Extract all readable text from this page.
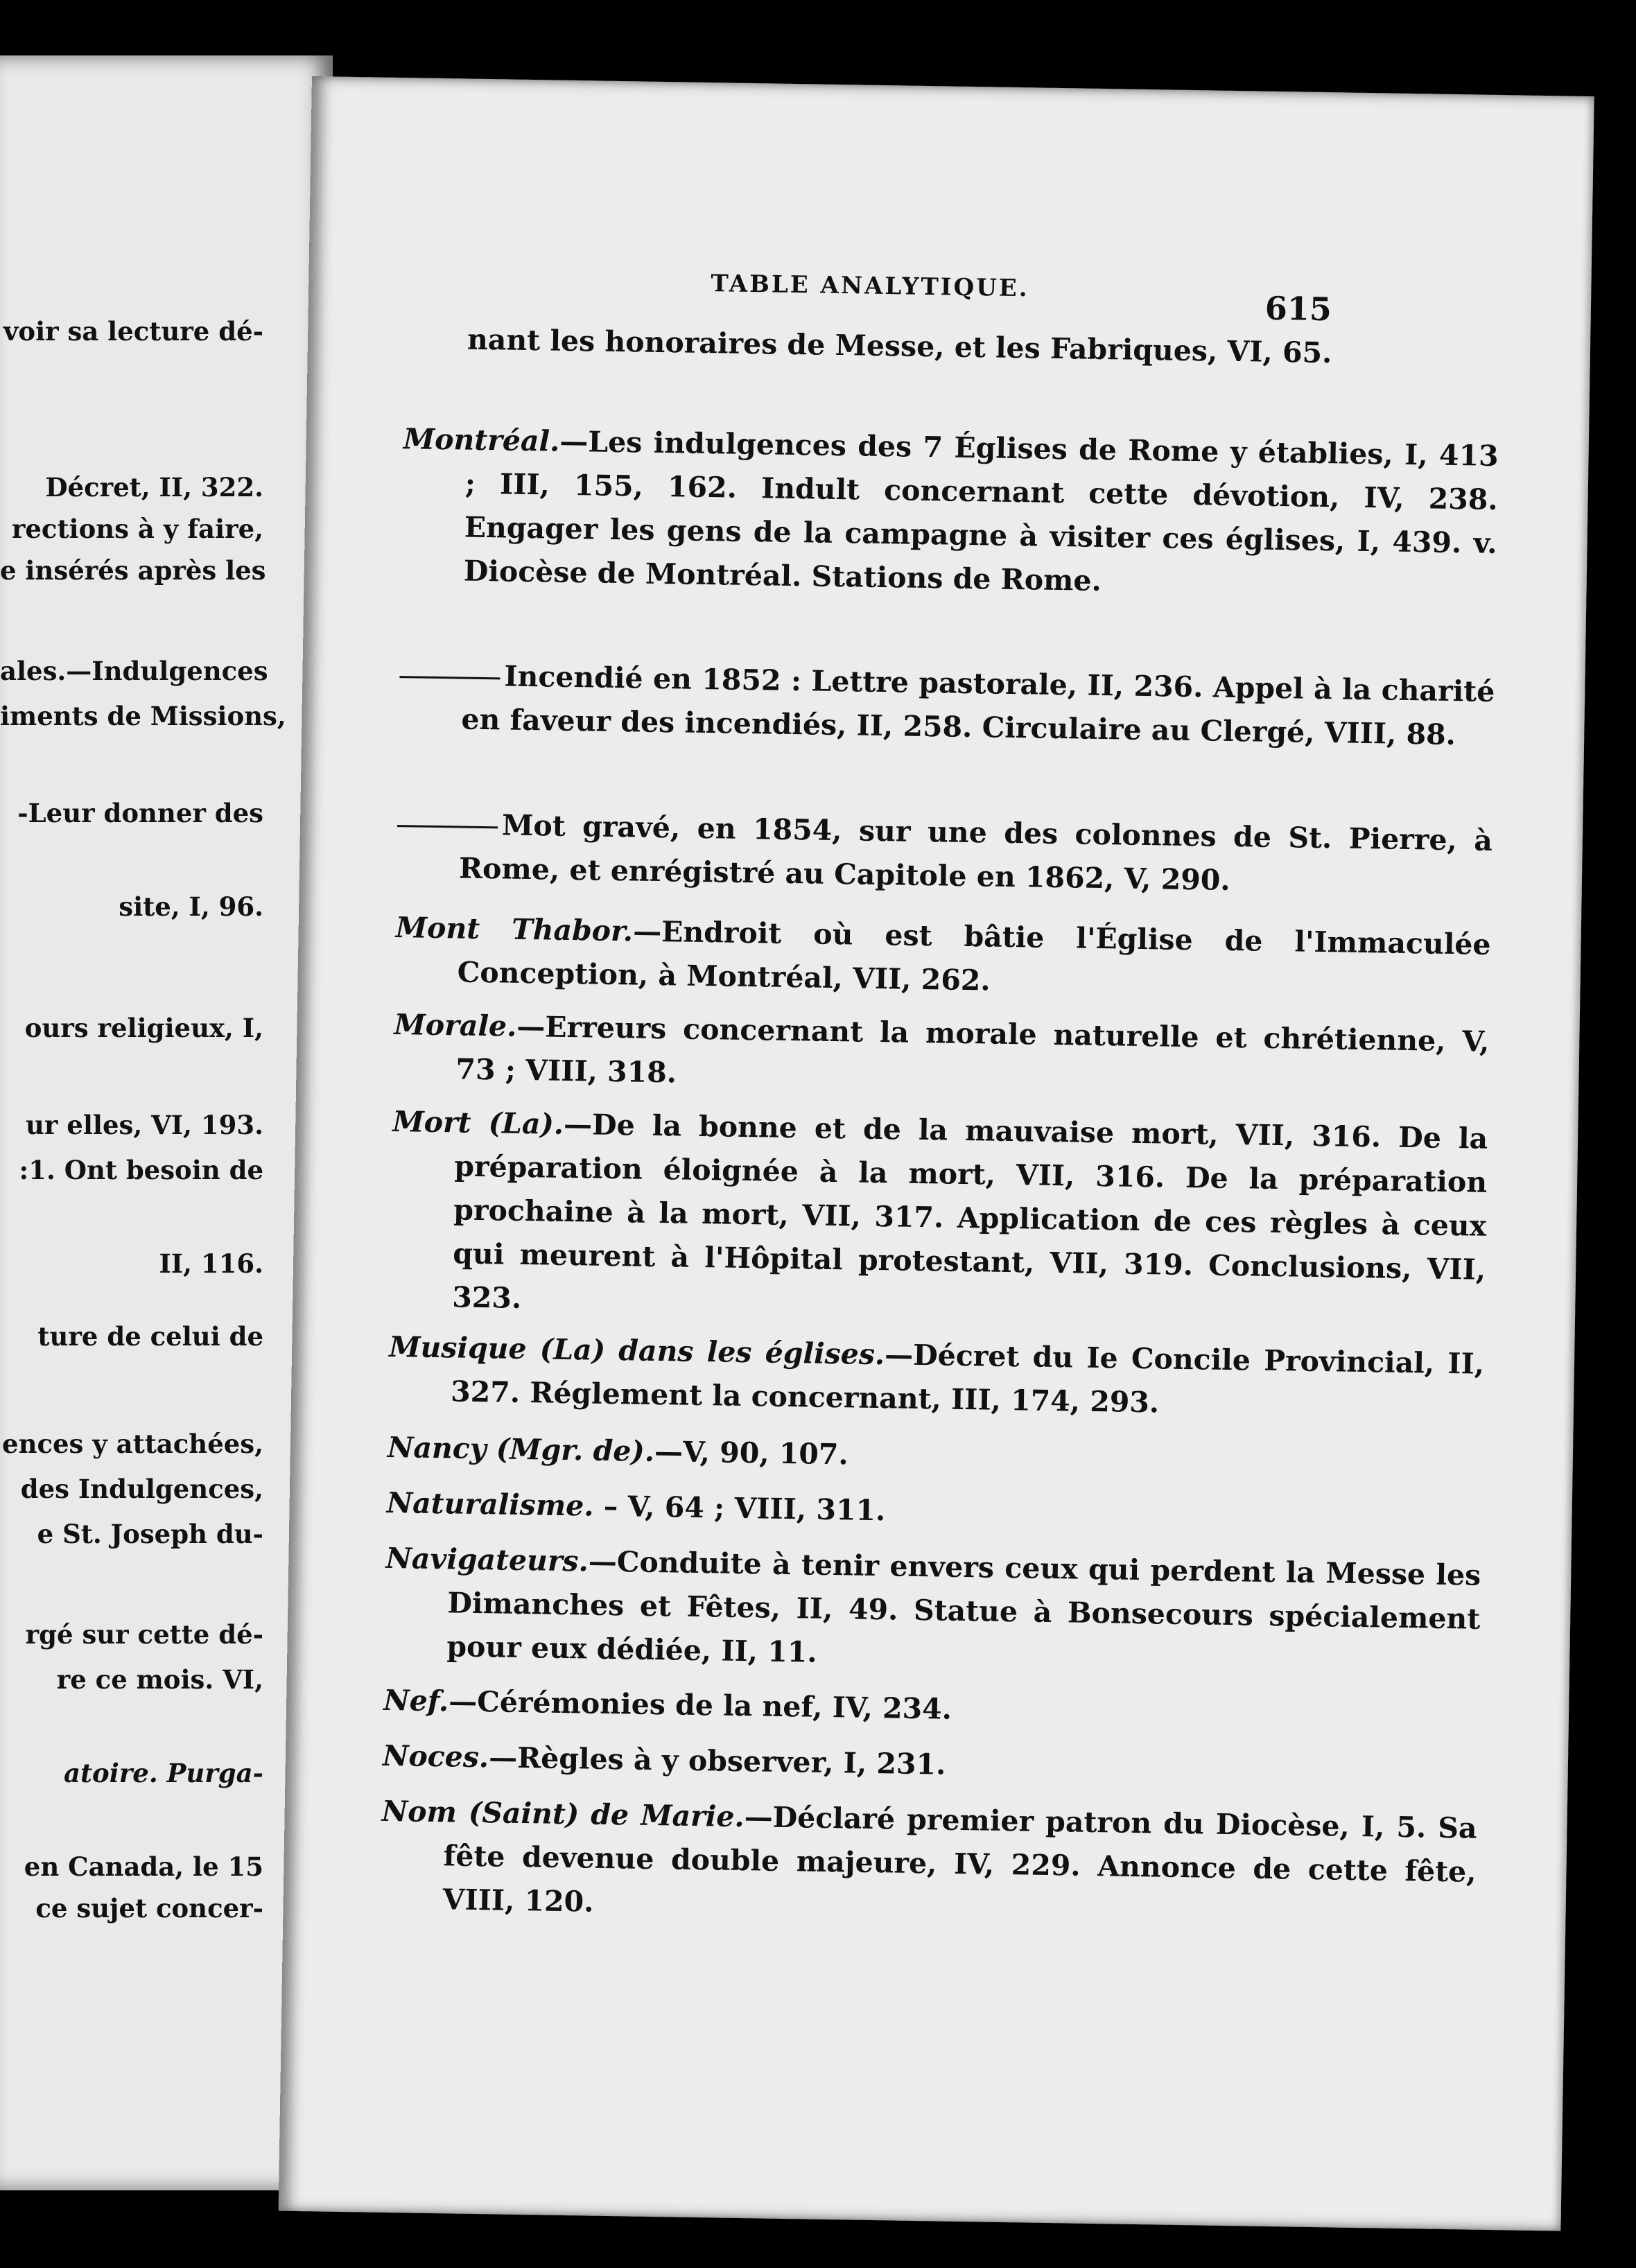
voir sa lecture dé-
Décret, II, 322.
rections à y faire,
e insérés après les
ales.—Indulgences
iments de Missions,
-Leur donner des
site, I, 96.
ours religieux, I,
ur elles, VI, 193.
:1. Ont besoin de
II, 116.
ture de celui de
ences y attachées,
des Indulgences,
e St. Joseph du-
rgé sur cette dé-
re ce mois. VI,
atoire. Purga-
en Canada, le 15
ce sujet concer-
TABLE ANALYTIQUE.
615
nant les honoraires de Messe, et les Fabriques, VI, 65.
Montréal.—Les indulgences des 7 Églises de Rome y établies, I, 413 ; III, 155, 162. Indult concernant cette dévotion, IV, 238. Engager les gens de la campagne à visiter ces églises, I, 439. v. Diocèse de Montréal. Stations de Rome.
Incendié en 1852 : Lettre pastorale, II, 236. Appel à la charité en faveur des incendiés, II, 258. Circulaire au Clergé, VIII, 88.
Mot gravé, en 1854, sur une des colonnes de St. Pierre, à Rome, et enrégistré au Capitole en 1862, V, 290.
Mont Thabor.—Endroit où est bâtie l'Église de l'Immaculée Conception, à Montréal, VII, 262.
Morale.—Erreurs concernant la morale naturelle et chrétienne, V, 73 ; VIII, 318.
Mort (La).—De la bonne et de la mauvaise mort, VII, 316. De la préparation éloignée à la mort, VII, 316. De la préparation prochaine à la mort, VII, 317. Application de ces règles à ceux qui meurent à l'Hôpital protestant, VII, 319. Conclusions, VII, 323.
Musique (La) dans les églises.—Décret du Ie Concile Provincial, II, 327. Réglement la concernant, III, 174, 293.
Nancy (Mgr. de).—V, 90, 107.
Naturalisme. – V, 64 ; VIII, 311.
Navigateurs.—Conduite à tenir envers ceux qui perdent la Messe les Dimanches et Fêtes, II, 49. Statue à Bonsecours spécialement pour eux dédiée, II, 11.
Nef.—Cérémonies de la nef, IV, 234.
Noces.—Règles à y observer, I, 231.
Nom (Saint) de Marie.—Déclaré premier patron du Diocèse, I, 5. Sa fête devenue double majeure, IV, 229. Annonce de cette fête, VIII, 120.
